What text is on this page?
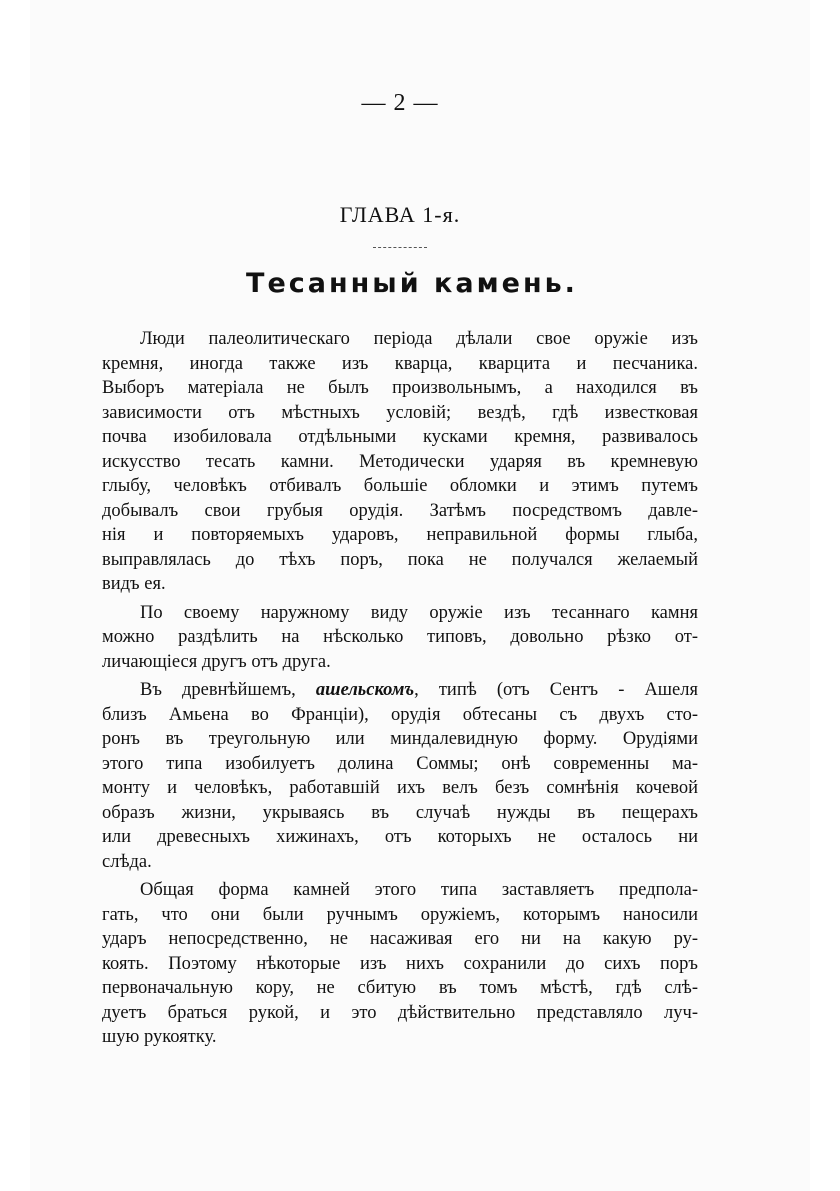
— 2 —
ГЛАВА 1-я.
Тесанный камень.
Люди палеолитическаго періода дѣлали свое оружіе изъ
кремня, иногда также изъ кварца, кварцита и песчаника.
Выборъ матеріала не былъ произвольнымъ, а находился въ
зависимости отъ мѣстныхъ условій; вездѣ, гдѣ известковая
почва изобиловала отдѣльными кусками кремня, развивалось
искусство тесать камни. Методически ударяя въ кремневую
глыбу, человѣкъ отбивалъ большіе обломки и этимъ путемъ
добывалъ свои грубыя орудія. Затѣмъ посредствомъ давле-
нія и повторяемыхъ ударовъ, неправильной формы глыба,
выправлялась до тѣхъ поръ, пока не получался желаемый
видъ ея.
По своему наружному виду оружіе изъ тесаннаго камня
можно раздѣлить на нѣсколько типовъ, довольно рѣзко от-
личающіеся другъ отъ друга.
Въ древнѣйшемъ, ашельскомъ, типѣ (отъ Сентъ - Ашеля
близъ Амьена во Франціи), орудія обтесаны съ двухъ сто-
ронъ въ треугольную или миндалевидную форму. Орудіями
этого типа изобилуетъ долина Соммы; онѣ современны ма-
монту и человѣкъ, работавшій ихъ велъ безъ сомнѣнія кочевой
образъ жизни, укрываясь въ случаѣ нужды въ пещерахъ
или древесныхъ хижинахъ, отъ которыхъ не осталось ни
слѣда.
Общая форма камней этого типа заставляетъ предпола-
гать, что они были ручнымъ оружіемъ, которымъ наносили
ударъ непосредственно, не насаживая его ни на какую ру-
коять. Поэтому нѣкоторые изъ нихъ сохранили до сихъ поръ
первоначальную кору, не сбитую въ томъ мѣстѣ, гдѣ слѣ-
дуетъ браться рукой, и это дѣйствительно представляло луч-
шую рукоятку.
